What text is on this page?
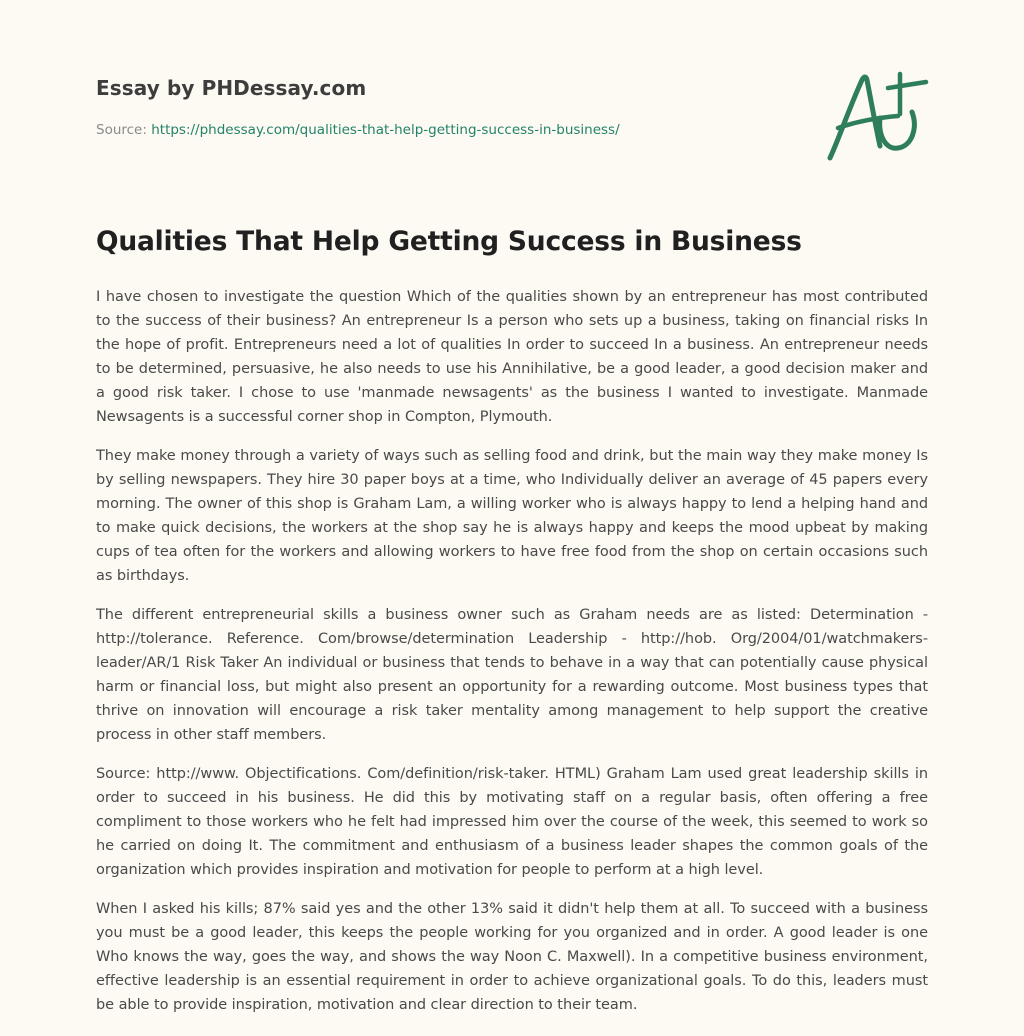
Essay by PHDessay.com
Source: https://phdessay.com/qualities-that-help-getting-success-in-business/
Qualities That Help Getting Success in Business

I have chosen to investigate the question Which of the qualities shown by an entrepreneur has most contributed to the success of their business? An entrepreneur Is a person who sets up a business, taking on financial risks In the hope of profit. Entrepreneurs need a lot of qualities In order to succeed In a business. An entrepreneur needs to be determined, persuasive, he also needs to use his Annihilative, be a good leader, a good decision maker and a good risk taker. I chose to use 'manmade newsagents' as the business I wanted to investigate. Manmade Newsagents is a successful corner shop in Compton, Plymouth.

They make money through a variety of ways such as selling food and drink, but the main way they make money Is by selling newspapers. They hire 30 paper boys at a time, who Individually deliver an average of 45 papers every morning. The owner of this shop is Graham Lam, a willing worker who is always happy to lend a helping hand and to make quick decisions, the workers at the shop say he is always happy and keeps the mood upbeat by making cups of tea often for the workers and allowing workers to have free food from the shop on certain occasions such as birthdays.

The different entrepreneurial skills a business owner such as Graham needs are as listed: Determination - http://tolerance. Reference. Com/browse/determination Leadership - http://hob. Org/2004/01/watchmakers-leader/AR/1 Risk Taker An individual or business that tends to behave in a way that can potentially cause physical harm or financial loss, but might also present an opportunity for a rewarding outcome. Most business types that thrive on innovation will encourage a risk taker mentality among management to help support the creative process in other staff members.

Source: http://www. Objectifications. Com/definition/risk-taker. HTML) Graham Lam used great leadership skills in order to succeed in his business. He did this by motivating staff on a regular basis, often offering a free compliment to those workers who he felt had impressed him over the course of the week, this seemed to work so he carried on doing It. The commitment and enthusiasm of a business leader shapes the common goals of the organization which provides inspiration and motivation for people to perform at a high level.

When I asked his kills; 87% said yes and the other 13% said it didn't help them at all. To succeed with a business you must be a good leader, this keeps the people working for you organized and in order. A good leader is one Who knows the way, goes the way, and shows the way Noon C. Maxwell). In a competitive business environment, effective leadership is an essential requirement in order to achieve organizational goals. To do this, leaders must be able to provide inspiration, motivation and clear direction to their team.
